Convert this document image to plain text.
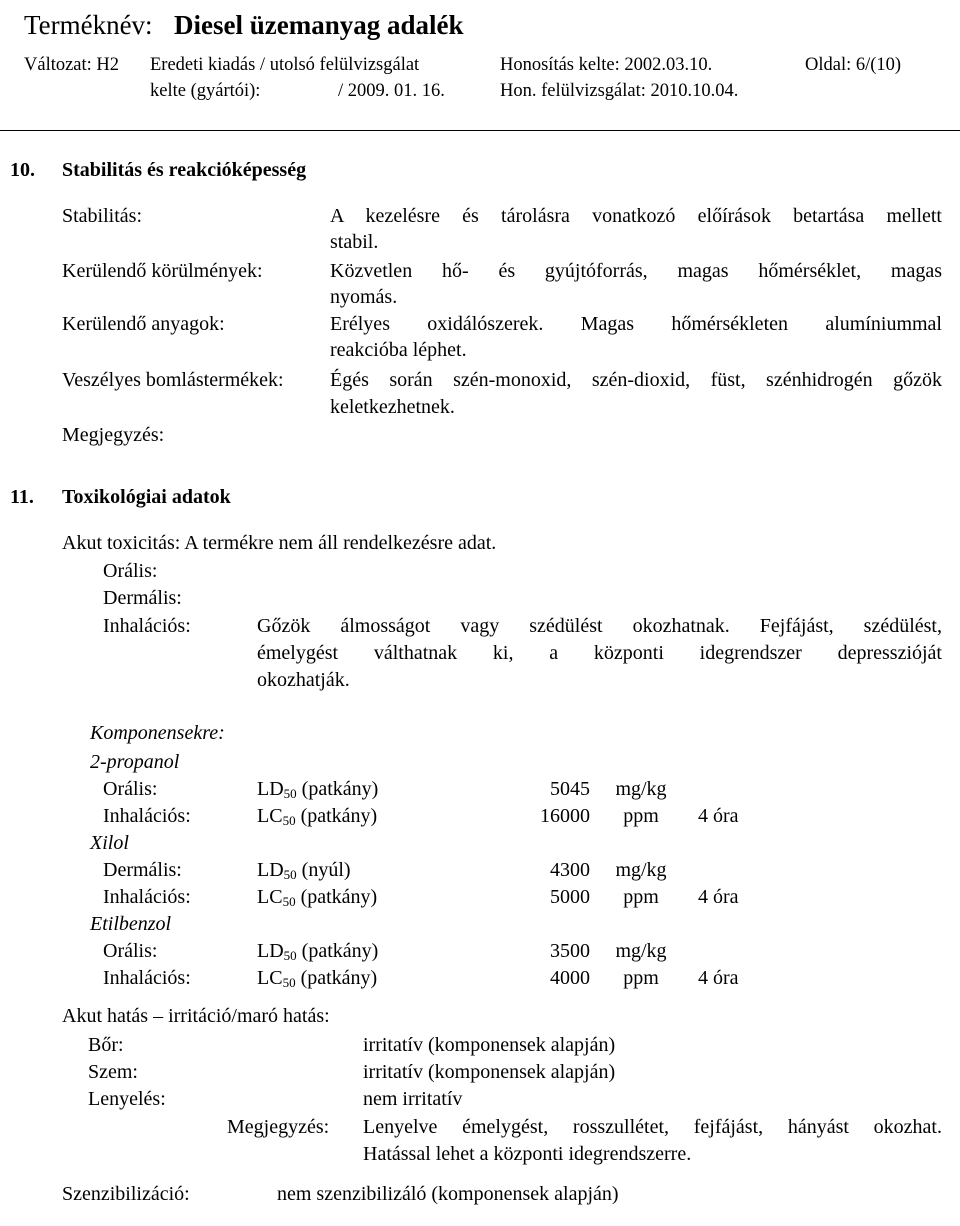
Terméknév: Diesel üzemanyag adalék
Változat: H2 Eredeti kiadás / utolsó felülvizsgálat
kelte (gyártói):	/ 2009. 01. 16.
Honosítás kelte: 2002.03.10.
Hon. felülvizsgálat: 2010.10.04.
Oldal: 6/(10)
10. Stabilitás és reakcióképesség
Stabilitás:	A kezelésre és tárolásra vonatkozó előírások betartása mellett
stabil.
Kerülendő körülmények:	Közvetlen hő- és gyújtóforrás, magas hőmérséklet, magas
nyomás.
Kerülendő anyagok:	Erélyes oxidálószerek. Magas hőmérsékleten alumíniummal
reakcióba léphet.
Veszélyes bomlástermékek: Égés során szén-monoxid, szén-dioxid, füst, szénhidrogén gőzök
keletkezhetnek.
Megjegyzés:
11. Toxikológiai adatok
Akut toxicitás: A termékre nem áll rendelkezésre adat.
Orális:
Dermális:
Inhalációs:	Gőzök álmosságot vagy szédülést okozhatnak. Fejfájást, szédülést,
émelygést válthatnak ki, a központi idegrendszer depresszióját
okozhatják.
Komponensekre:
2-propanol
Orális:	$LD_{50}$ (patkány)	5045	mg/kg
Inhalációs:	$LC_{50}$ (patkány)	16000	ppm	4 óra
Xilol
Dermális:	$LD_{50}$ (nyúl)	4300	mg/kg
Inhalációs:	$LC_{50}$ (patkány)	5000	ppm	4 óra
Etilbenzol
Orális:	$LD_{50}$ (patkány)	3500	mg/kg
Inhalációs:	$LC_{50}$ (patkány)	4000	ppm	4 óra
Akut hatás – irritáció/maró hatás:
Bőr:	irritatív (komponensek alapján)
Szem:	irritatív (komponensek alapján)
Lenyelés:	nem irritatív
Megjegyzés: Lenyelve émelygést, rosszullétet, fejfájást, hányást okozhat.
Hatással lehet a központi idegrendszerre.
Szenzibilizáció:	nem szenzibilizáló (komponensek alapján)
